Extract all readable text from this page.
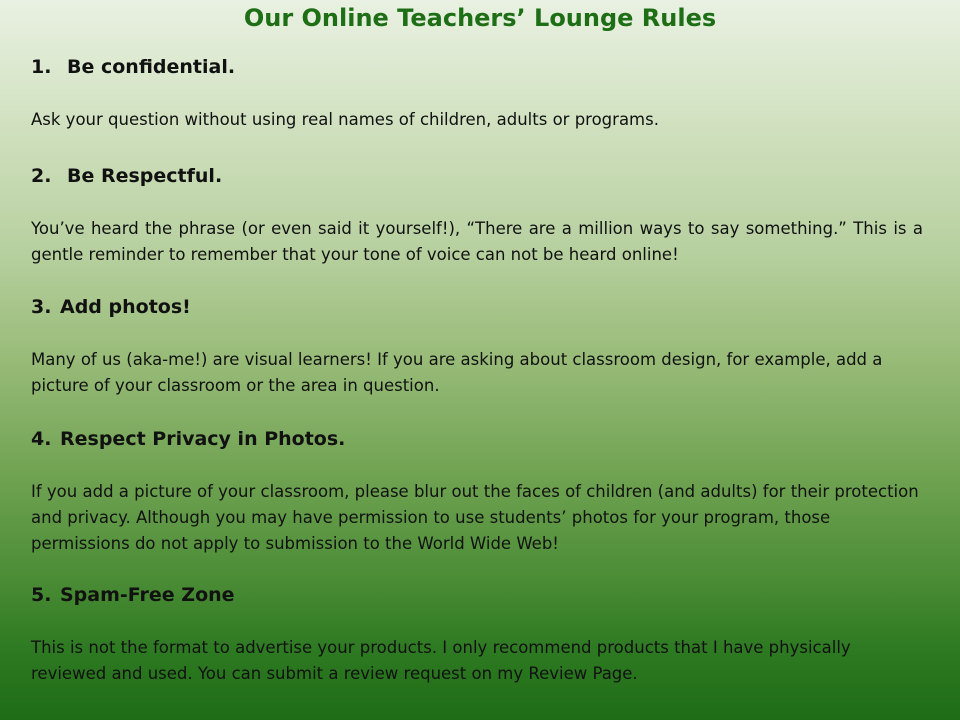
Our Online Teachers’ Lounge Rules

1. Be confidential.

Ask your question without using real names of children, adults or programs.

2. Be Respectful.

You’ve heard the phrase (or even said it yourself!), “There are a million ways to say something.” This is a gentle reminder to remember that your tone of voice can not be heard online!

3. Add photos!

Many of us (aka-me!) are visual learners! If you are asking about classroom design, for example, add a picture of your classroom or the area in question.

4. Respect Privacy in Photos.

If you add a picture of your classroom, please blur out the faces of children (and adults) for their protection and privacy. Although you may have permission to use students’ photos for your program, those permissions do not apply to submission to the World Wide Web!

5. Spam-Free Zone

This is not the format to advertise your products. I only recommend products that I have physically reviewed and used. You can submit a review request on my Review Page.
